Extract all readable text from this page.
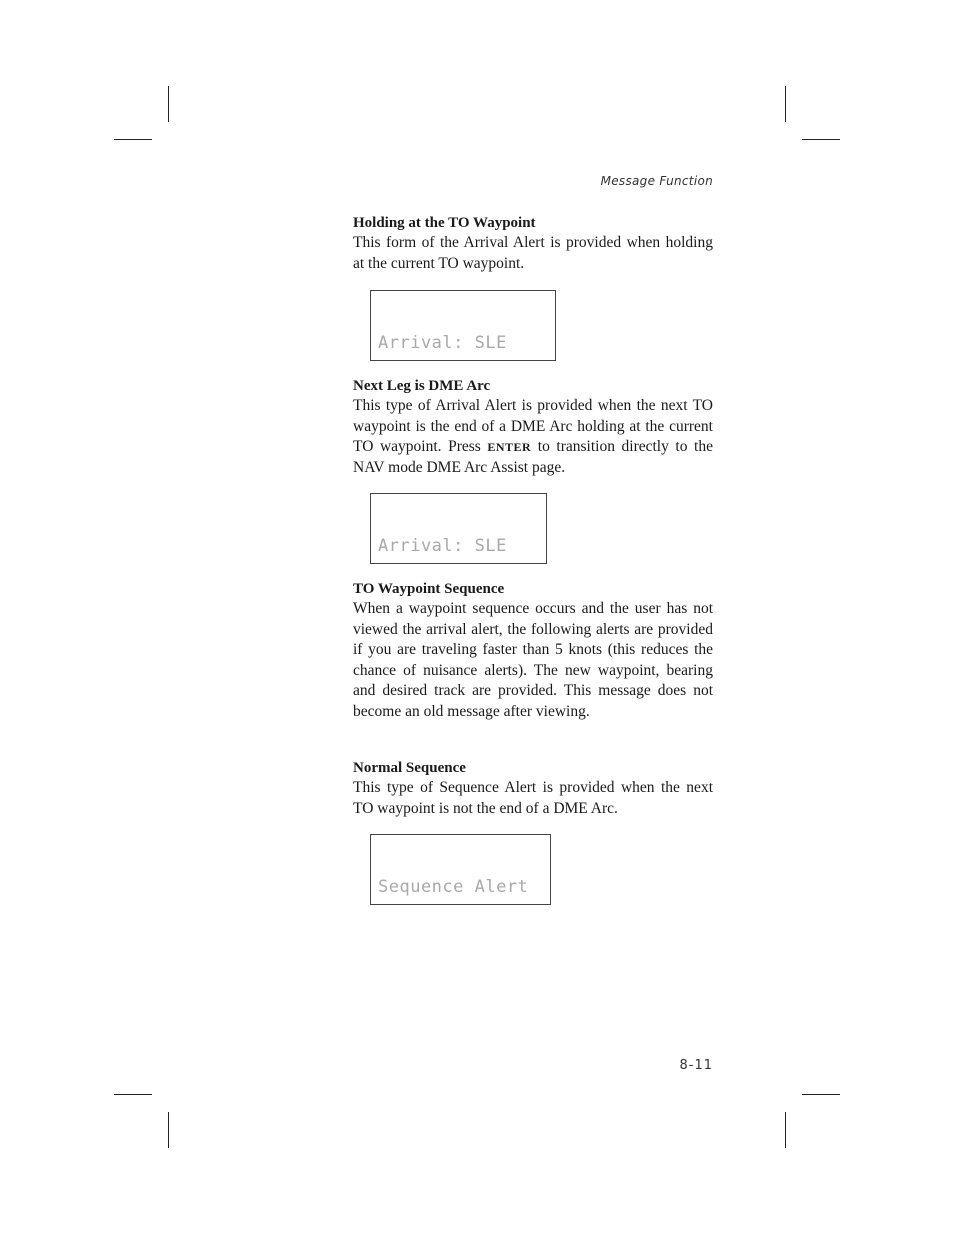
Message Function

Holding at the TO Waypoint

This form of the Arrival Alert is provided when holding at the current TO waypoint.

Arrival: SLE

Next Leg is DME Arc

This type of Arrival Alert is provided when the next TO waypoint is the end of a DME Arc holding at the current TO waypoint. Press ENTER to transition directly to the NAV mode DME Arc Assist page.

Arrival: SLE

TO Waypoint Sequence

When a waypoint sequence occurs and the user has not viewed the arrival alert, the following alerts are provided if you are traveling faster than 5 knots (this reduces the chance of nuisance alerts). The new waypoint, bearing and desired track are provided. This message does not become an old message after viewing.

Normal Sequence

This type of Sequence Alert is provided when the next TO waypoint is not the end of a DME Arc.

Sequence Alert

8-11
